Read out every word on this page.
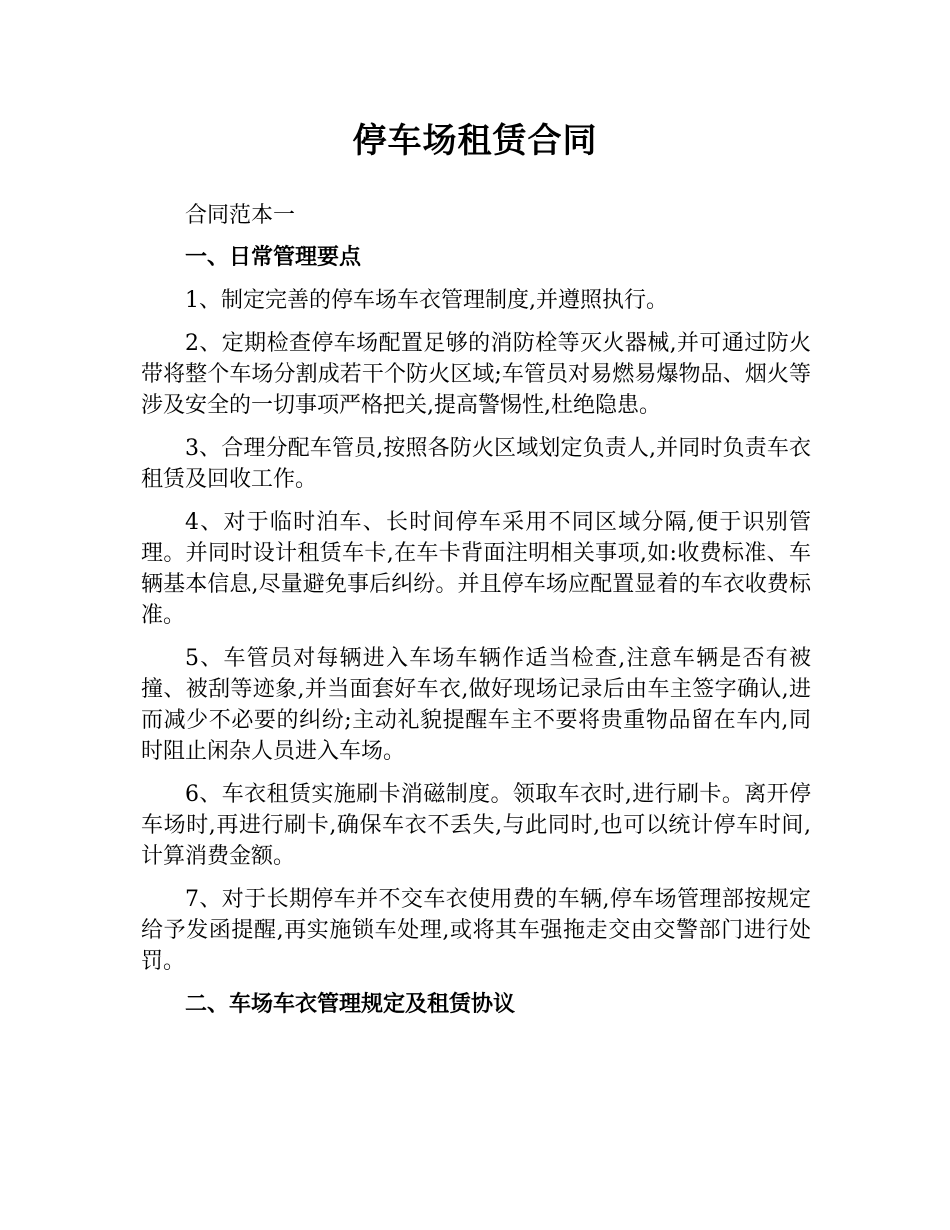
停车场租赁合同

合同范本一

一、日常管理要点

1、制定完善的停车场车衣管理制度,并遵照执行。

2、定期检查停车场配置足够的消防栓等灭火器械,并可通过防火带将整个车场分割成若干个防火区域;车管员对易燃易爆物品、烟火等涉及安全的一切事项严格把关,提高警惕性,杜绝隐患。

3、合理分配车管员,按照各防火区域划定负责人,并同时负责车衣租赁及回收工作。

4、对于临时泊车、长时间停车采用不同区域分隔,便于识别管理。并同时设计租赁车卡,在车卡背面注明相关事项,如:收费标准、车辆基本信息,尽量避免事后纠纷。并且停车场应配置显着的车衣收费标准。

5、车管员对每辆进入车场车辆作适当检查,注意车辆是否有被撞、被刮等迹象,并当面套好车衣,做好现场记录后由车主签字确认,进而减少不必要的纠纷;主动礼貌提醒车主不要将贵重物品留在车内,同时阻止闲杂人员进入车场。

6、车衣租赁实施刷卡消磁制度。领取车衣时,进行刷卡。离开停车场时,再进行刷卡,确保车衣不丢失,与此同时,也可以统计停车时间,计算消费金额。

7、对于长期停车并不交车衣使用费的车辆,停车场管理部按规定给予发函提醒,再实施锁车处理,或将其车强拖走交由交警部门进行处罚。

二、车场车衣管理规定及租赁协议
